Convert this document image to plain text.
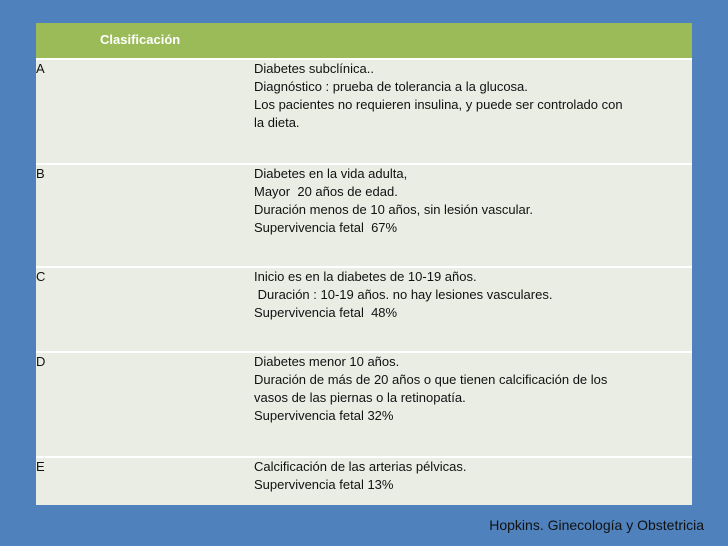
Clasificación	
A	Diabetes subclínica..
Diagnóstico : prueba de tolerancia a la glucosa.
Los pacientes no requieren insulina, y puede ser controlado con
la dieta.

B	Diabetes en la vida adulta,
Mayor  20 años de edad.
Duración menos de 10 años, sin lesión vascular.
Supervivencia fetal  67%

C	Inicio es en la diabetes de 10-19 años.
Duración : 10-19 años. no hay lesiones vasculares.
Supervivencia fetal  48%

D	Diabetes menor 10 años.
Duración de más de 20 años o que tienen calcificación de los
vasos de las piernas o la retinopatía.
Supervivencia fetal 32%

E	Calcificación de las arterias pélvicas.
Supervivencia fetal 13%
Hopkins. Ginecología y Obstetricia
